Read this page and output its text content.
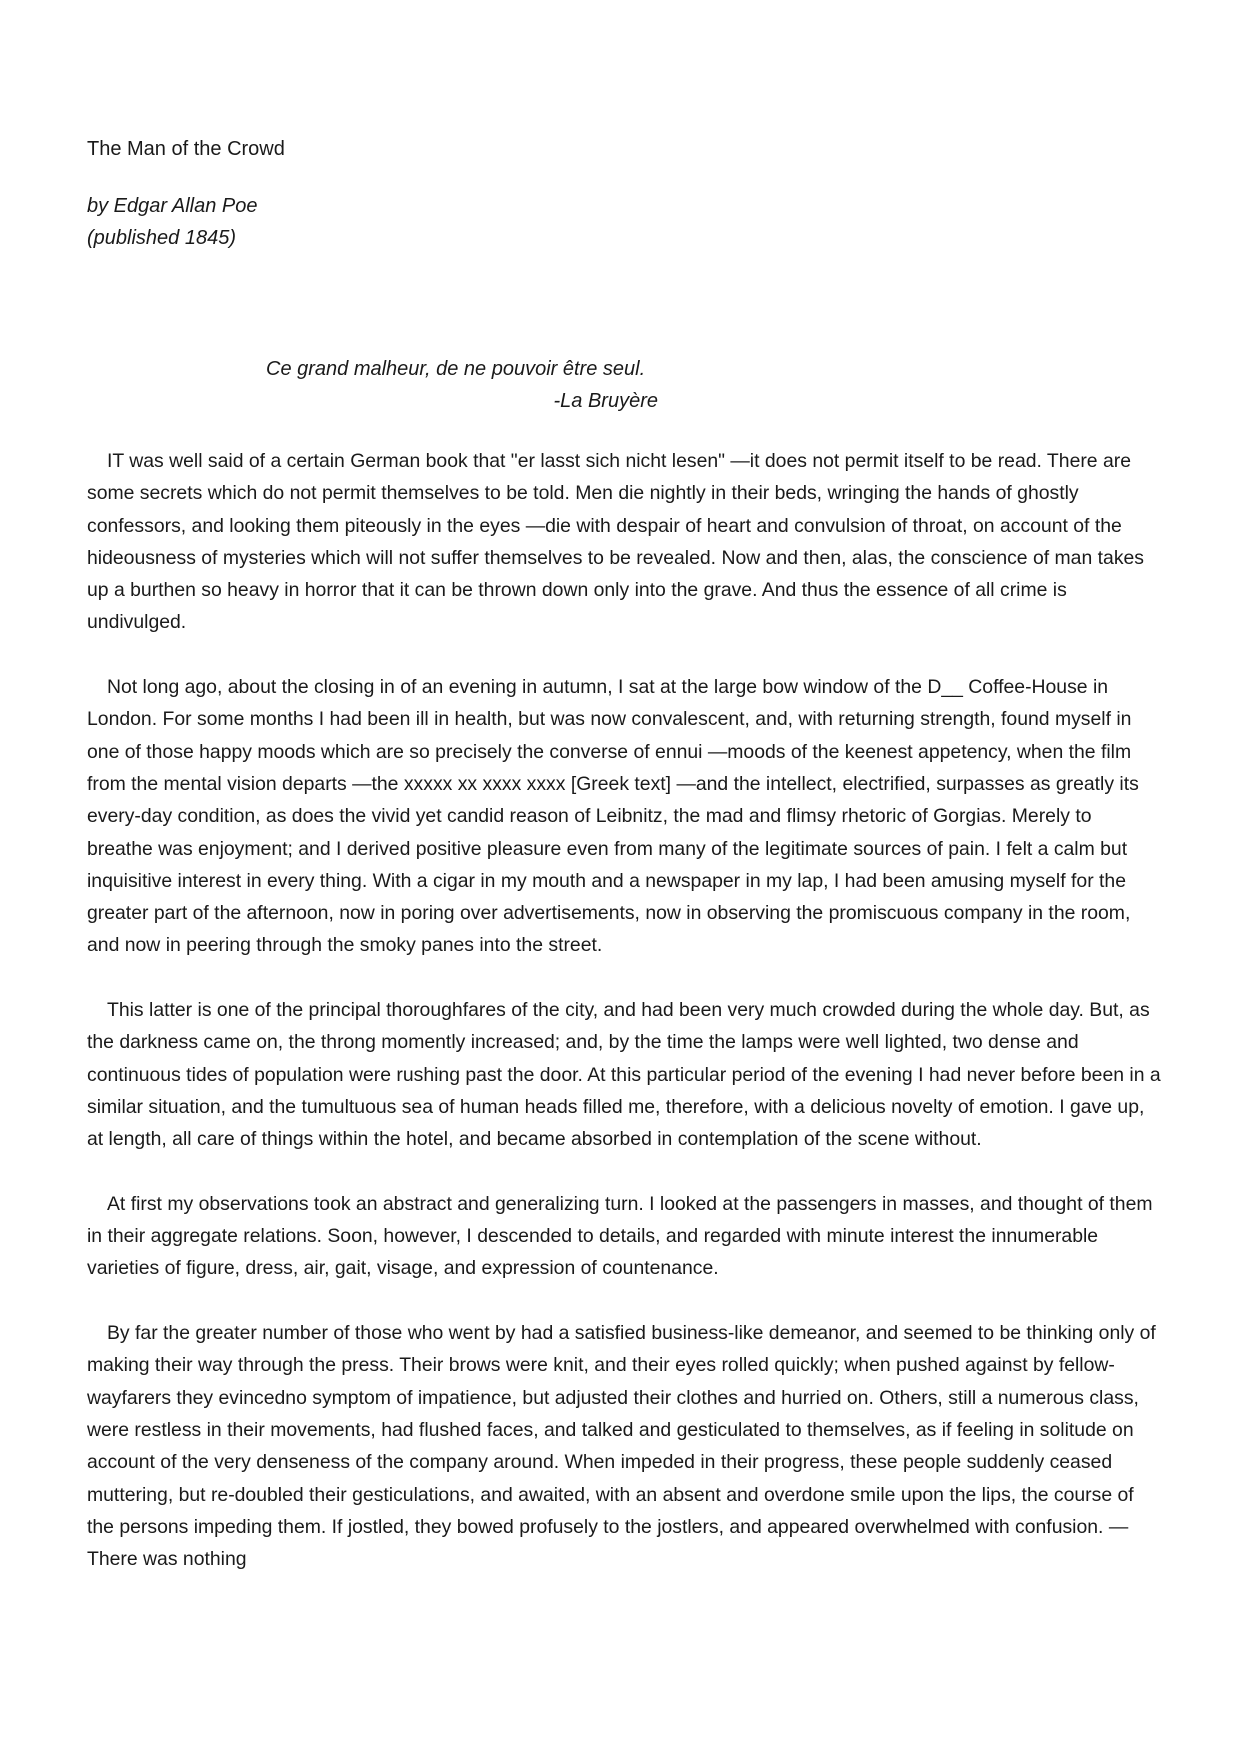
The Man of the Crowd
by Edgar Allan Poe
(published 1845)
Ce grand malheur, de ne pouvoir être seul.
-La Bruyère

IT was well said of a certain German book that "er lasst sich nicht lesen" —it does not permit itself to be read. There are some secrets which do not permit themselves to be told. Men die nightly in their beds, wringing the hands of ghostly confessors, and looking them piteously in the eyes —die with despair of heart and convulsion of throat, on account of the hideousness of mysteries which will not suffer themselves to be revealed. Now and then, alas, the conscience of man takes up a burthen so heavy in horror that it can be thrown down only into the grave. And thus the essence of all crime is undivulged.

Not long ago, about the closing in of an evening in autumn, I sat at the large bow window of the D__ Coffee-House in London. For some months I had been ill in health, but was now convalescent, and, with returning strength, found myself in one of those happy moods which are so precisely the converse of ennui —moods of the keenest appetency, when the film from the mental vision departs —the xxxxx xx xxxx xxxx [Greek text] —and the intellect, electrified, surpasses as greatly its every-day condition, as does the vivid yet candid reason of Leibnitz, the mad and flimsy rhetoric of Gorgias. Merely to breathe was enjoyment; and I derived positive pleasure even from many of the legitimate sources of pain. I felt a calm but inquisitive interest in every thing. With a cigar in my mouth and a newspaper in my lap, I had been amusing myself for the greater part of the afternoon, now in poring over advertisements, now in observing the promiscuous company in the room, and now in peering through the smoky panes into the street.

This latter is one of the principal thoroughfares of the city, and had been very much crowded during the whole day. But, as the darkness came on, the throng momently increased; and, by the time the lamps were well lighted, two dense and continuous tides of population were rushing past the door. At this particular period of the evening I had never before been in a similar situation, and the tumultuous sea of human heads filled me, therefore, with a delicious novelty of emotion. I gave up, at length, all care of things within the hotel, and became absorbed in contemplation of the scene without.

At first my observations took an abstract and generalizing turn. I looked at the passengers in masses, and thought of them in their aggregate relations. Soon, however, I descended to details, and regarded with minute interest the innumerable varieties of figure, dress, air, gait, visage, and expression of countenance.

By far the greater number of those who went by had a satisfied business-like demeanor, and seemed to be thinking only of making their way through the press. Their brows were knit, and their eyes rolled quickly; when pushed against by fellow-wayfarers they evincedno symptom of impatience, but adjusted their clothes and hurried on. Others, still a numerous class, were restless in their movements, had flushed faces, and talked and gesticulated to themselves, as if feeling in solitude on account of the very denseness of the company around. When impeded in their progress, these people suddenly ceased muttering, but re-doubled their gesticulations, and awaited, with an absent and overdone smile upon the lips, the course of the persons impeding them. If jostled, they bowed profusely to the jostlers, and appeared overwhelmed with confusion. —There was nothing
